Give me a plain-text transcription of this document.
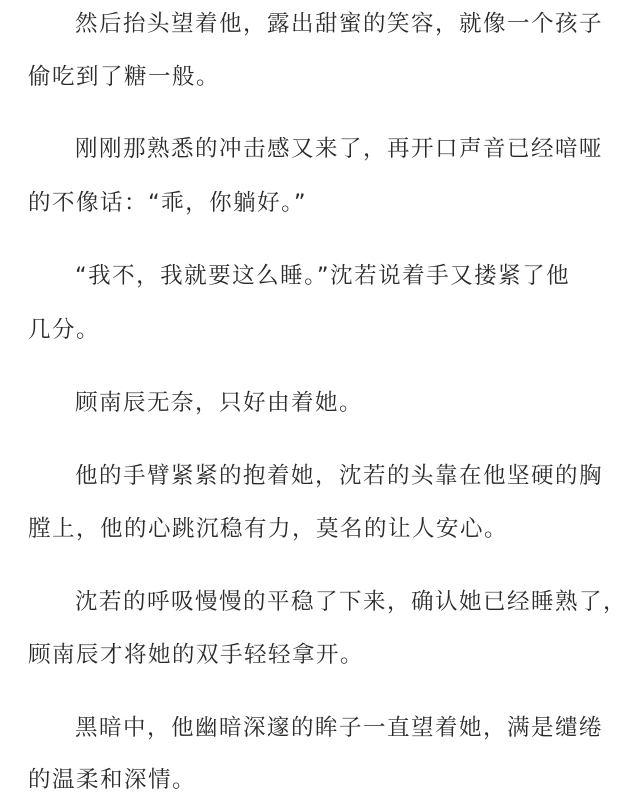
然后抬头望着他，露出甜蜜的笑容，就像一个孩子
偷吃到了糖一般。
刚刚那熟悉的冲击感又来了，再开口声音已经喑哑
的不像话：“乖，你躺好。”
“我不，我就要这么睡。”沈若说着手又搂紧了他
几分。
顾南辰无奈，只好由着她。
他的手臂紧紧的抱着她，沈若的头靠在他坚硬的胸
膛上，他的心跳沉稳有力，莫名的让人安心。
沈若的呼吸慢慢的平稳了下来，确认她已经睡熟了，
顾南辰才将她的双手轻轻拿开。
黑暗中，他幽暗深邃的眸子一直望着她，满是缱绻
的温柔和深情。
